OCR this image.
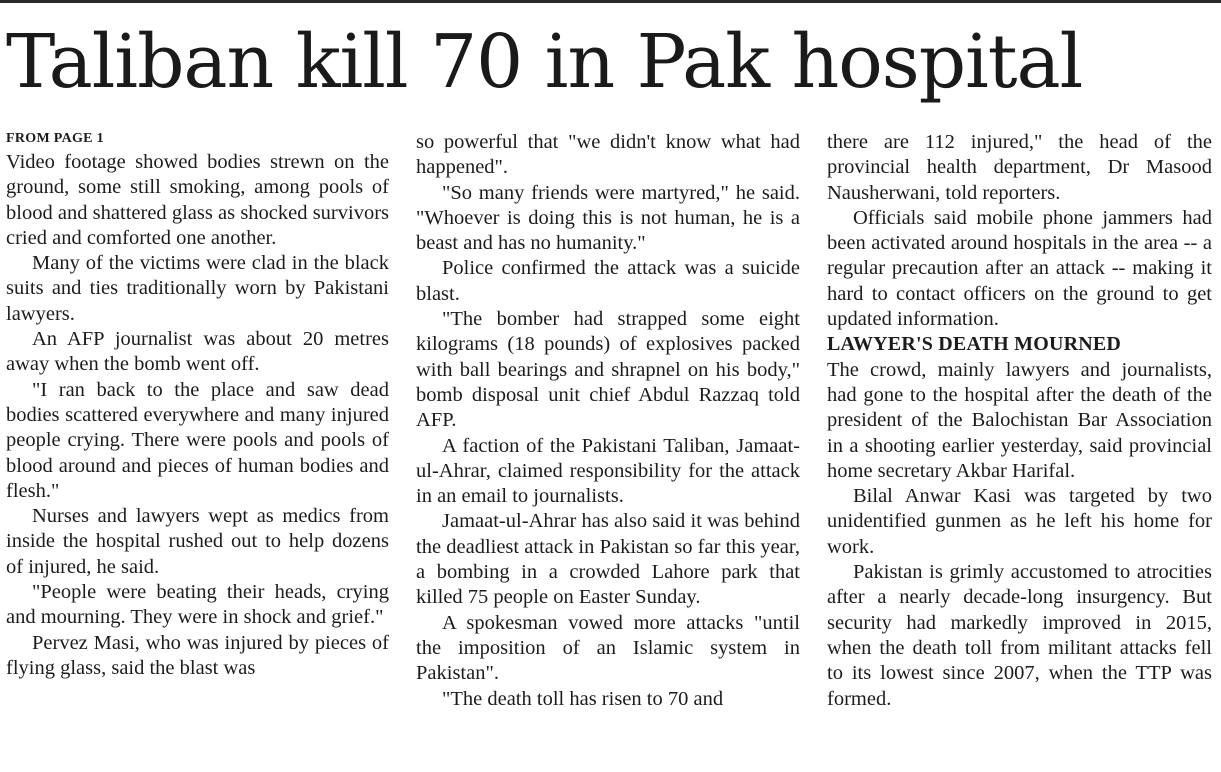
Taliban kill 70 in Pak hospital
FROM PAGE 1

Video footage showed bodies strewn on the ground, some still smoking, among pools of blood and shattered glass as shocked survivors cried and comforted one another.

Many of the victims were clad in the black suits and ties traditionally worn by Pakistani lawyers.

An AFP journalist was about 20 metres away when the bomb went off.

"I ran back to the place and saw dead bodies scattered everywhere and many injured people crying. There were pools and pools of blood around and pieces of human bodies and flesh."

Nurses and lawyers wept as medics from inside the hospital rushed out to help dozens of injured, he said.

"People were beating their heads, crying and mourning. They were in shock and grief."

Pervez Masi, who was injured by pieces of flying glass, said the blast was

so powerful that "we didn't know what had happened".

"So many friends were martyred," he said. "Whoever is doing this is not human, he is a beast and has no humanity."

Police confirmed the attack was a suicide blast.

"The bomber had strapped some eight kilograms (18 pounds) of explosives packed with ball bearings and shrapnel on his body," bomb disposal unit chief Abdul Razzaq told AFP.

A faction of the Pakistani Taliban, Jamaat-ul-Ahrar, claimed responsibility for the attack in an email to journalists.

Jamaat-ul-Ahrar has also said it was behind the deadliest attack in Pakistan so far this year, a bombing in a crowded Lahore park that killed 75 people on Easter Sunday.

A spokesman vowed more attacks "until the imposition of an Islamic system in Pakistan".

"The death toll has risen to 70 and

there are 112 injured," the head of the provincial health department, Dr Masood Nausherwani, told reporters.

Officials said mobile phone jammers had been activated around hospitals in the area -- a regular precaution after an attack -- making it hard to contact officers on the ground to get updated information.

LAWYER'S DEATH MOURNED

The crowd, mainly lawyers and journalists, had gone to the hospital after the death of the president of the Balochistan Bar Association in a shooting earlier yesterday, said provincial home secretary Akbar Harifal.

Bilal Anwar Kasi was targeted by two unidentified gunmen as he left his home for work.

Pakistan is grimly accustomed to atrocities after a nearly decade-long insurgency. But security had markedly improved in 2015, when the death toll from militant attacks fell to its lowest since 2007, when the TTP was formed.
